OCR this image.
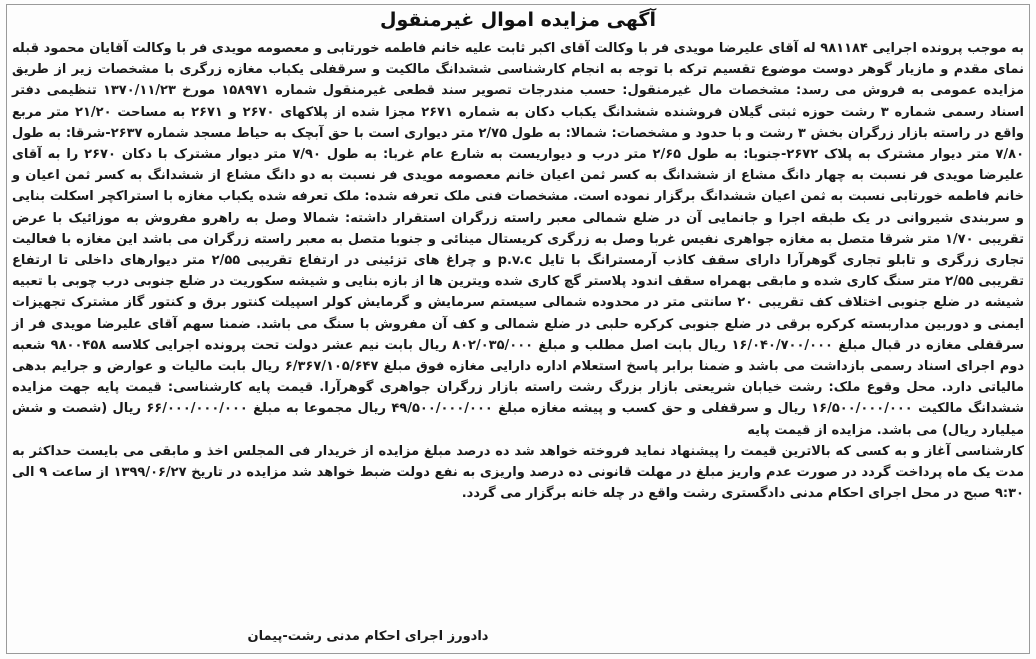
آگهی مزایده اموال غیرمنقول

به موجب پرونده اجرایی ۹۸۱۱۸۴ له آقای علیرضا مویدی فر با وکالت آقای اکبر ثابت علیه خانم فاطمه خورتابی و معصومه مویدی فر با وکالت آقایان محمود قبله نمای مقدم و مازیار گوهر دوست موضوع تقسیم ترکه با توجه به انجام کارشناسی ششدانگ مالکیت و سرقفلی یکباب مغازه زرگری با مشخصات زیر از طریق مزایده عمومی به فروش می رسد: مشخصات مال غیرمنقول: حسب مندرجات تصویر سند قطعی غیرمنقول شماره ۱۵۸۹۷۱ مورخ ۱۳۷۰/۱۱/۲۳ تنظیمی دفتر اسناد رسمی شماره ۳ رشت حوزه ثبتی گیلان فروشنده ششدانگ یکباب دکان به شماره ۲۶۷۱ مجزا شده از پلاکهای ۲۶۷۰ و ۲۶۷۱ به مساحت ۲۱/۲۰ متر مربع واقع در راسته بازار زرگران بخش ۳ رشت و با حدود و مشخصات: شمالا: به طول ۲/۷۵ متر دیواری است با حق آبچک به حیاط مسجد شماره ۲۶۳۷-شرقا: به طول ۷/۸۰ متر دیوار مشترک به پلاک ۲۶۷۲-جنوبا: به طول ۲/۶۵ متر درب و دیواریست به شارع عام غربا: به طول ۷/۹۰ متر دیوار مشترک با دکان ۲۶۷۰ را به آقای علیرضا مویدی فر نسبت به چهار دانگ مشاع از ششدانگ به کسر ثمن اعیان خانم معصومه مویدی فر نسبت به دو دانگ مشاع از ششدانگ به کسر ثمن اعیان و خانم فاطمه خورتابی نسبت به ثمن اعیان ششدانگ برگزار نموده است. مشخصات فنی ملک تعرفه شده: ملک تعرفه شده یکباب مغازه با استراکچر اسکلت بنایی و سربندی شیروانی در یک طبقه اجرا و جانمایی آن در ضلع شمالی معبر راسته زرگران استقرار داشته: شمالا وصل به راهرو مفروش به موزائیک با عرض تقریبی ۱/۷۰ متر شرقا متصل به مغازه جواهری نفیس غربا وصل به زرگری کریستال مینائی و جنوبا متصل به معبر راسته زرگران می باشد این مغازه با فعالیت تجاری زرگری و تابلو تجاری گوهرآرا دارای سقف کاذب آرمسترانگ با تایل p.v.c و چراغ های تزئینی در ارتفاع تقریبی ۲/۵۵ متر دیوارهای داخلی تا ارتفاع تقریبی ۲/۵۵ متر سنگ کاری شده و مابقی بهمراه سقف اندود پلاستر گچ کاری شده ویترین ها از بازه بنایی و شیشه سکوریت در ضلع جنوبی درب چوبی با تعبیه شیشه در ضلع جنوبی اختلاف کف تقریبی ۲۰ سانتی متر در محدوده شمالی سیستم سرمایش و گرمایش کولر اسپیلت کنتور برق و کنتور گاز مشترک تجهیزات ایمنی و دوربین مداربسته کرکره برقی در ضلع جنوبی کرکره حلبی در ضلع شمالی و کف آن مفروش با سنگ می باشد. ضمنا سهم آقای علیرضا مویدی فر از سرقفلی مغازه در قبال مبلغ ۱۶/۰۴۰/۷۰۰/۰۰۰ ریال بابت اصل مطلب و مبلغ ۸۰۲/۰۳۵/۰۰۰ ریال بابت نیم عشر دولت تحت پرونده اجرایی کلاسه ۹۸۰۰۴۵۸ شعبه دوم اجرای اسناد رسمی بازداشت می باشد و ضمنا برابر پاسخ استعلام اداره دارایی مغازه فوق مبلغ ۶/۳۶۷/۱۰۵/۶۴۷ ریال بابت مالیات و عوارض و جرایم بدهی مالیاتی دارد. محل وقوع ملک: رشت خیابان شریعتی بازار بزرگ رشت راسته بازار زرگران جواهری گوهرآرا. قیمت پایه کارشناسی: قیمت پایه جهت مزایده ششدانگ مالکیت ۱۶/۵۰۰/۰۰۰/۰۰۰ ریال و سرقفلی و حق کسب و پیشه مغازه مبلغ ۴۹/۵۰۰/۰۰۰/۰۰۰ ریال مجموعا به مبلغ ۶۶/۰۰۰/۰۰۰/۰۰۰ ریال (شصت و شش میلیارد ریال) می باشد. مزایده از قیمت پایه

کارشناسی آغاز و به کسی که بالاترین قیمت را پیشنهاد نماید فروخته خواهد شد ده درصد مبلغ مزایده از خریدار فی المجلس اخذ و مابقی می بایست حداکثر به مدت یک ماه پرداخت گردد در صورت عدم واریز مبلغ در مهلت قانونی ده درصد واریزی به نفع دولت ضبط خواهد شد مزایده در تاریخ ۱۳۹۹/۰۶/۲۷ از ساعت ۹ الی ۹:۳۰ صبح در محل اجرای احکام مدنی دادگستری رشت واقع در چله خانه برگزار می گردد.

دادورز اجرای احکام مدنی رشت-پیمان
